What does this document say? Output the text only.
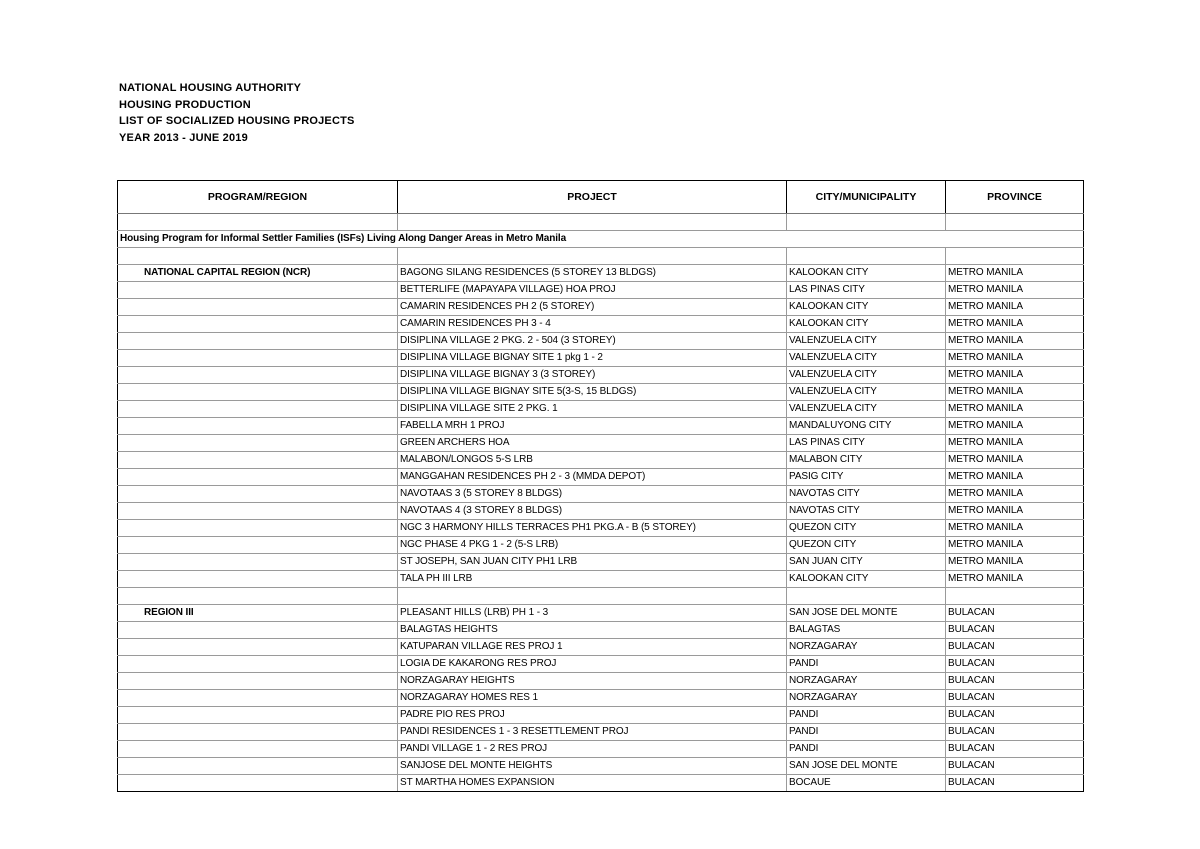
NATIONAL HOUSING AUTHORITY
HOUSING PRODUCTION
LIST OF SOCIALIZED HOUSING PROJECTS
YEAR 2013 - JUNE 2019
PROGRAM/REGION	PROJECT	CITY/MUNICIPALITY	PROVINCE

Housing Program for Informal Settler Families (ISFs) Living Along Danger Areas in Metro Manila			

NATIONAL CAPITAL REGION (NCR)	BAGONG SILANG RESIDENCES (5 STOREY 13 BLDGS)	KALOOKAN CITY	METRO MANILA
	BETTERLIFE (MAPAYAPA VILLAGE) HOA PROJ	LAS PINAS CITY	METRO MANILA
	CAMARIN RESIDENCES PH 2 (5 STOREY)	KALOOKAN CITY	METRO MANILA
	CAMARIN RESIDENCES PH 3 - 4	KALOOKAN CITY	METRO MANILA
	DISIPLINA VILLAGE 2 PKG. 2 - 504 (3 STOREY)	VALENZUELA CITY	METRO MANILA
	DISIPLINA VILLAGE BIGNAY SITE 1 pkg 1 - 2	VALENZUELA CITY	METRO MANILA
	DISIPLINA VILLAGE BIGNAY 3 (3 STOREY)	VALENZUELA CITY	METRO MANILA
	DISIPLINA VILLAGE BIGNAY SITE 5(3-S, 15 BLDGS)	VALENZUELA CITY	METRO MANILA
	DISIPLINA VILLAGE SITE 2 PKG. 1	VALENZUELA CITY	METRO MANILA
	FABELLA MRH 1 PROJ	MANDALUYONG CITY	METRO MANILA
	GREEN ARCHERS HOA	LAS PINAS CITY	METRO MANILA
	MALABON/LONGOS 5-S LRB	MALABON CITY	METRO MANILA
	MANGGAHAN RESIDENCES PH 2 - 3 (MMDA DEPOT)	PASIG CITY	METRO MANILA
	NAVOTAAS 3 (5 STOREY 8 BLDGS)	NAVOTAS CITY	METRO MANILA
	NAVOTAAS 4 (3 STOREY 8 BLDGS)	NAVOTAS CITY	METRO MANILA
	NGC 3 HARMONY HILLS TERRACES PH1 PKG.A - B (5 STOREY)	QUEZON CITY	METRO MANILA
	NGC PHASE 4 PKG 1 - 2 (5-S LRB)	QUEZON CITY	METRO MANILA
	ST JOSEPH, SAN JUAN CITY PH1 LRB	SAN JUAN CITY	METRO MANILA
	TALA PH III LRB	KALOOKAN CITY	METRO MANILA

REGION III	PLEASANT HILLS (LRB) PH 1 - 3	SAN JOSE DEL MONTE	BULACAN
	BALAGTAS HEIGHTS	BALAGTAS	BULACAN
	KATUPARAN VILLAGE RES PROJ 1	NORZAGARAY	BULACAN
	LOGIA DE KAKARONG RES PROJ	PANDI	BULACAN
	NORZAGARAY HEIGHTS	NORZAGARAY	BULACAN
	NORZAGARAY HOMES RES 1	NORZAGARAY	BULACAN
	PADRE PIO RES PROJ	PANDI	BULACAN
	PANDI RESIDENCES 1 - 3 RESETTLEMENT PROJ	PANDI	BULACAN
	PANDI VILLAGE 1 - 2 RES PROJ	PANDI	BULACAN
	SANJOSE DEL MONTE HEIGHTS	SAN JOSE DEL MONTE	BULACAN
	ST MARTHA HOMES EXPANSION	BOCAUE	BULACAN
